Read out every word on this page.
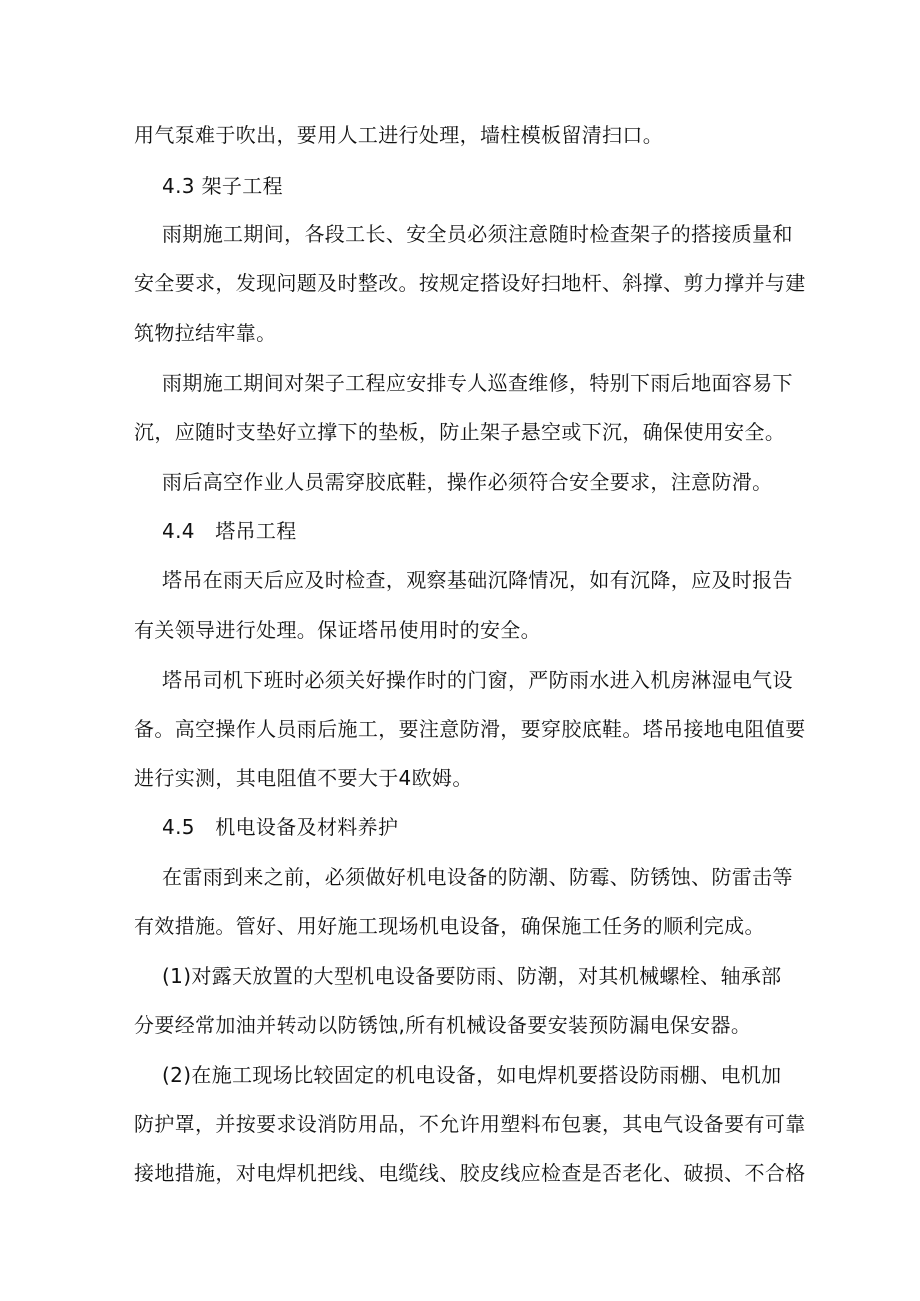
用气泵难于吹出，要用人工进行处理，墙柱模板留清扫口。
4.3 架子工程
雨期施工期间，各段工长、安全员必须注意随时检查架子的搭接质量和
安全要求，发现问题及时整改。按规定搭设好扫地杆、斜撑、剪力撑并与建
筑物拉结牢靠。
雨期施工期间对架子工程应安排专人巡查维修，特别下雨后地面容易下
沉，应随时支垫好立撑下的垫板，防止架子悬空或下沉，确保使用安全。
雨后高空作业人员需穿胶底鞋，操作必须符合安全要求，注意防滑。
4.4　塔吊工程
塔吊在雨天后应及时检查，观察基础沉降情况，如有沉降，应及时报告
有关领导进行处理。保证塔吊使用时的安全。
塔吊司机下班时必须关好操作时的门窗，严防雨水进入机房淋湿电气设
备。高空操作人员雨后施工，要注意防滑，要穿胶底鞋。塔吊接地电阻值要
进行实测，其电阻值不要大于4欧姆。
4.5　机电设备及材料养护
在雷雨到来之前，必须做好机电设备的防潮、防霉、防锈蚀、防雷击等
有效措施。管好、用好施工现场机电设备，确保施工任务的顺利完成。
(1)对露天放置的大型机电设备要防雨、防潮，对其机械螺栓、轴承部
分要经常加油并转动以防锈蚀,所有机械设备要安装预防漏电保安器。
(2)在施工现场比较固定的机电设备，如电焊机要搭设防雨棚、电机加
防护罩，并按要求设消防用品，不允许用塑料布包裹，其电气设备要有可靠
接地措施，对电焊机把线、电缆线、胶皮线应检查是否老化、破损、不合格
